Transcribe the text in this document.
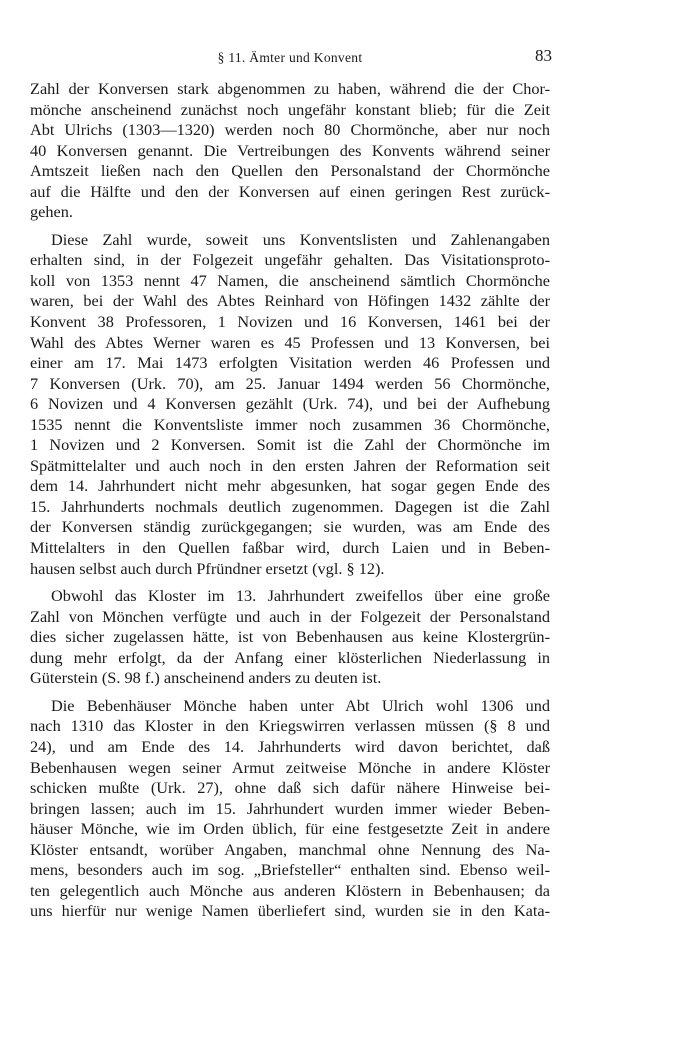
§ 11. Ämter und Konvent	83

Zahl der Konversen stark abgenommen zu haben, während die der Chor-
mönche anscheinend zunächst noch ungefähr konstant blieb; für die Zeit
Abt Ulrichs (1303—1320) werden noch 80 Chormönche, aber nur noch
40 Konversen genannt. Die Vertreibungen des Konvents während seiner
Amtszeit ließen nach den Quellen den Personalstand der Chormönche
auf die Hälfte und den der Konversen auf einen geringen Rest zurück-
gehen.

Diese Zahl wurde, soweit uns Konventslisten und Zahlenangaben
erhalten sind, in der Folgezeit ungefähr gehalten. Das Visitationsproto-
koll von 1353 nennt 47 Namen, die anscheinend sämtlich Chormönche
waren, bei der Wahl des Abtes Reinhard von Höfingen 1432 zählte der
Konvent 38 Professoren, 1 Novizen und 16 Konversen, 1461 bei der
Wahl des Abtes Werner waren es 45 Professen und 13 Konversen, bei
einer am 17. Mai 1473 erfolgten Visitation werden 46 Professen und
7 Konversen (Urk. 70), am 25. Januar 1494 werden 56 Chormönche,
6 Novizen und 4 Konversen gezählt (Urk. 74), und bei der Aufhebung
1535 nennt die Konventsliste immer noch zusammen 36 Chormönche,
1 Novizen und 2 Konversen. Somit ist die Zahl der Chormönche im
Spätmittelalter und auch noch in den ersten Jahren der Reformation seit
dem 14. Jahrhundert nicht mehr abgesunken, hat sogar gegen Ende des
15. Jahrhunderts nochmals deutlich zugenommen. Dagegen ist die Zahl
der Konversen ständig zurückgegangen; sie wurden, was am Ende des
Mittelalters in den Quellen faßbar wird, durch Laien und in Beben-
hausen selbst auch durch Pfründner ersetzt (vgl. § 12).

Obwohl das Kloster im 13. Jahrhundert zweifellos über eine große
Zahl von Mönchen verfügte und auch in der Folgezeit der Personalstand
dies sicher zugelassen hätte, ist von Bebenhausen aus keine Klostergrün-
dung mehr erfolgt, da der Anfang einer klösterlichen Niederlassung in
Güterstein (S. 98 f.) anscheinend anders zu deuten ist.

Die Bebenhäuser Mönche haben unter Abt Ulrich wohl 1306 und
nach 1310 das Kloster in den Kriegswirren verlassen müssen (§ 8 und
24), und am Ende des 14. Jahrhunderts wird davon berichtet, daß
Bebenhausen wegen seiner Armut zeitweise Mönche in andere Klöster
schicken mußte (Urk. 27), ohne daß sich dafür nähere Hinweise bei-
bringen lassen; auch im 15. Jahrhundert wurden immer wieder Beben-
häuser Mönche, wie im Orden üblich, für eine festgesetzte Zeit in andere
Klöster entsandt, worüber Angaben, manchmal ohne Nennung des Na-
mens, besonders auch im sog. „Briefsteller“ enthalten sind. Ebenso weil-
ten gelegentlich auch Mönche aus anderen Klöstern in Bebenhausen; da
uns hierfür nur wenige Namen überliefert sind, wurden sie in den Kata-
